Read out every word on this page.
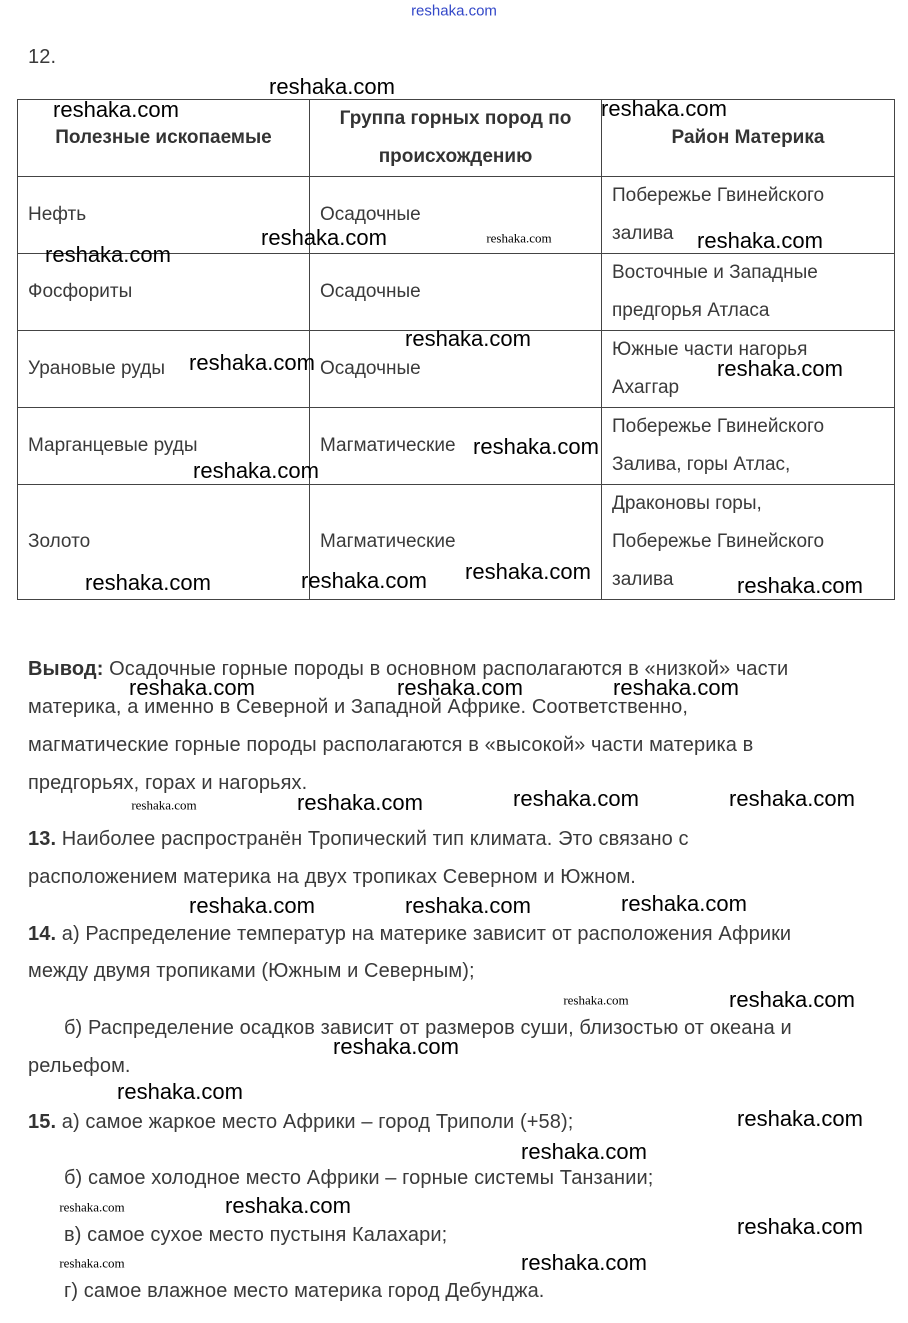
reshaka.com
12.
Полезные ископаемые	Группа горных пород по происхождению	Район Материка
Нефть	Осадочные	Побережье Гвинейского залива
Фосфориты	Осадочные	Восточные и Западные предгорья Атласа
Урановые руды	Осадочные	Южные части нагорья Ахаггар
Марганцевые руды	Магматические	Побережье Гвинейского Залива, горы Атлас,
Золото	Магматические	Драконовы горы, Побережье Гвинейского залива
Вывод: Осадочные горные породы в основном располагаются в «низкой» части
материка, а именно в Северной и Западной Африке. Соответственно,
магматические горные породы располагаются в «высокой» части материка в
предгорьях, горах и нагорьях.
13. Наиболее распространён Тропический тип климата. Это связано с
расположением материка на двух тропиках Северном и Южном.
14. а) Распределение температур на материке зависит от расположения Африки
между двумя тропиками (Южным и Северным);
б) Распределение осадков зависит от размеров суши, близостью от океана и
рельефом.
15. а) самое жаркое место Африки – город Триполи (+58);
б) самое холодное место Африки – горные системы Танзании;
в) самое сухое место пустыня Калахари;
г) самое влажное место материка город Дебунджа.
reshaka.com
reshaka.com	reshaka.com
reshaka.com	reshaka.com	reshaka.com
reshaka.com
reshaka.com
reshaka.com
reshaka.com
reshaka.com
reshaka.com
reshaka.com
reshaka.com
reshaka.com	reshaka.com
reshaka.com	reshaka.com	reshaka.com
reshaka.com	reshaka.com	reshaka.com	reshaka.com
reshaka.com	reshaka.com	reshaka.com
reshaka.com	reshaka.com
reshaka.com
reshaka.com
reshaka.com
reshaka.com
reshaka.com	reshaka.com
reshaka.com
reshaka.com	reshaka.com
